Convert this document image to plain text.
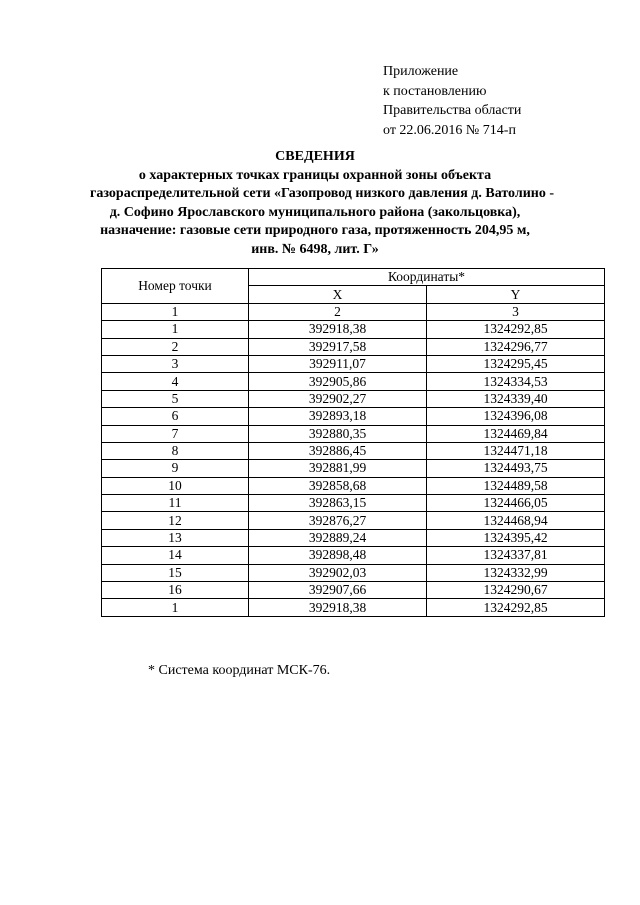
Приложение
к постановлению
Правительства области
от 22.06.2016 № 714-п
СВЕДЕНИЯ
о характерных точках границы охранной зоны объекта
газораспределительной сети «Газопровод низкого давления д. Ватолино -
д. Софино Ярославского муниципального района (закольцовка),
назначение: газовые сети природного газа, протяженность 204,95 м,
инв. № 6498, лит. Г»
Номер точки	Координаты*	
	X	Y
1	2	3
1	392918,38	1324292,85
2	392917,58	1324296,77
3	392911,07	1324295,45
4	392905,86	1324334,53
5	392902,27	1324339,40
6	392893,18	1324396,08
7	392880,35	1324469,84
8	392886,45	1324471,18
9	392881,99	1324493,75
10	392858,68	1324489,58
11	392863,15	1324466,05
12	392876,27	1324468,94
13	392889,24	1324395,42
14	392898,48	1324337,81
15	392902,03	1324332,99
16	392907,66	1324290,67
1	392918,38	1324292,85
* Система координат МСК-76.
